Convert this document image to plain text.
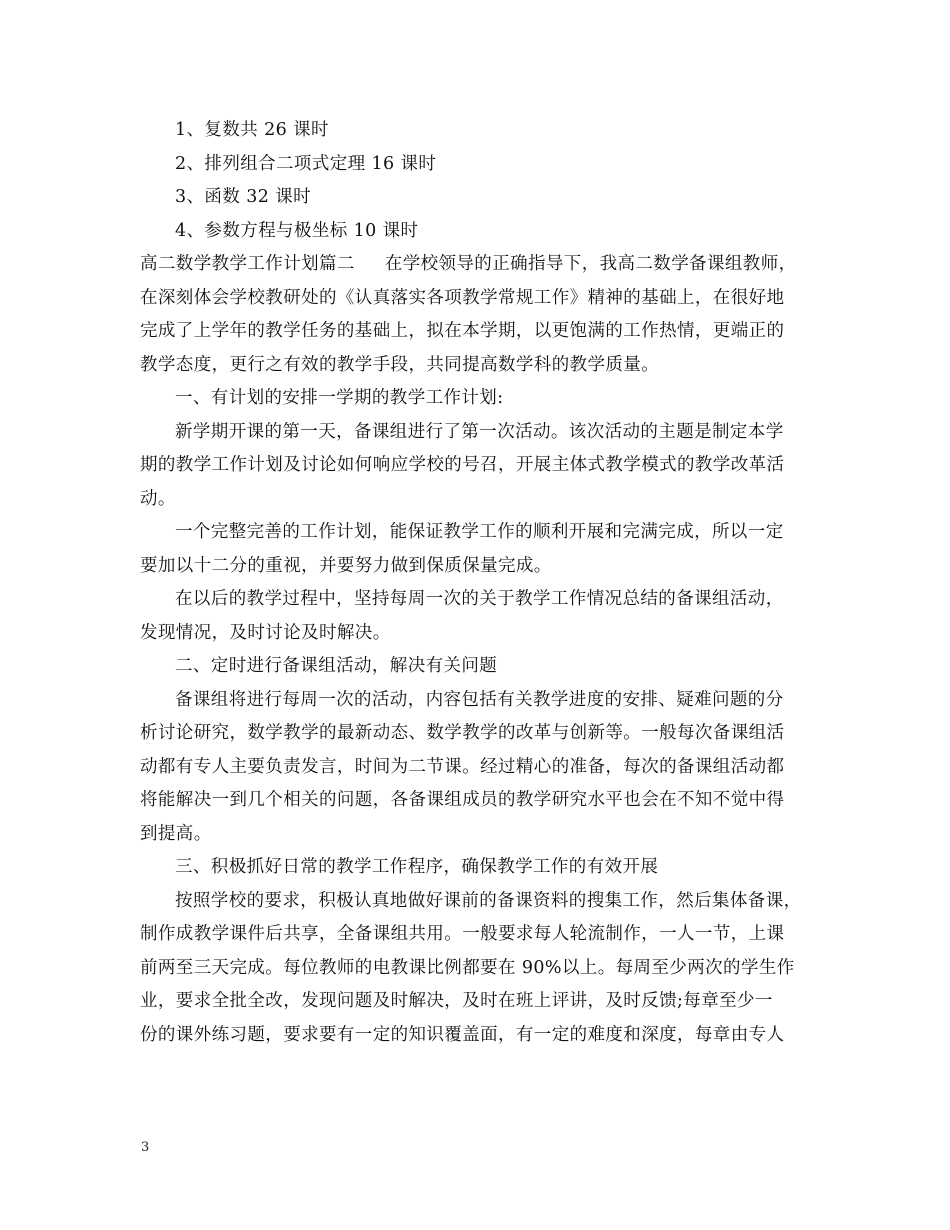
1、复数共 26 课时
2、排列组合二项式定理 16 课时
3、函数 32 课时
4、参数方程与极坐标 10 课时
高二数学教学工作计划篇二 在学校领导的正确指导下，我高二数学备课组教师，
在深刻体会学校教研处的《认真落实各项教学常规工作》精神的基础上，在很好地
完成了上学年的教学任务的基础上，拟在本学期，以更饱满的工作热情，更端正的
教学态度，更行之有效的教学手段，共同提高数学科的教学质量。
一、有计划的安排一学期的教学工作计划:
新学期开课的第一天，备课组进行了第一次活动。该次活动的主题是制定本学
期的教学工作计划及讨论如何响应学校的号召，开展主体式教学模式的教学改革活
动。
一个完整完善的工作计划，能保证教学工作的顺利开展和完满完成，所以一定
要加以十二分的重视，并要努力做到保质保量完成。
在以后的教学过程中，坚持每周一次的关于教学工作情况总结的备课组活动，
发现情况，及时讨论及时解决。
二、定时进行备课组活动，解决有关问题
备课组将进行每周一次的活动，内容包括有关教学进度的安排、疑难问题的分
析讨论研究，数学教学的最新动态、数学教学的改革与创新等。一般每次备课组活
动都有专人主要负责发言，时间为二节课。经过精心的准备，每次的备课组活动都
将能解决一到几个相关的问题，各备课组成员的教学研究水平也会在不知不觉中得
到提高。
三、积极抓好日常的教学工作程序，确保教学工作的有效开展
按照学校的要求，积极认真地做好课前的备课资料的搜集工作，然后集体备课，
制作成教学课件后共享，全备课组共用。一般要求每人轮流制作，一人一节，上课
前两至三天完成。每位教师的电教课比例都要在 90%以上。每周至少两次的学生作
业，要求全批全改，发现问题及时解决，及时在班上评讲，及时反馈;每章至少一
份的课外练习题，要求要有一定的知识覆盖面，有一定的难度和深度，每章由专人
3
